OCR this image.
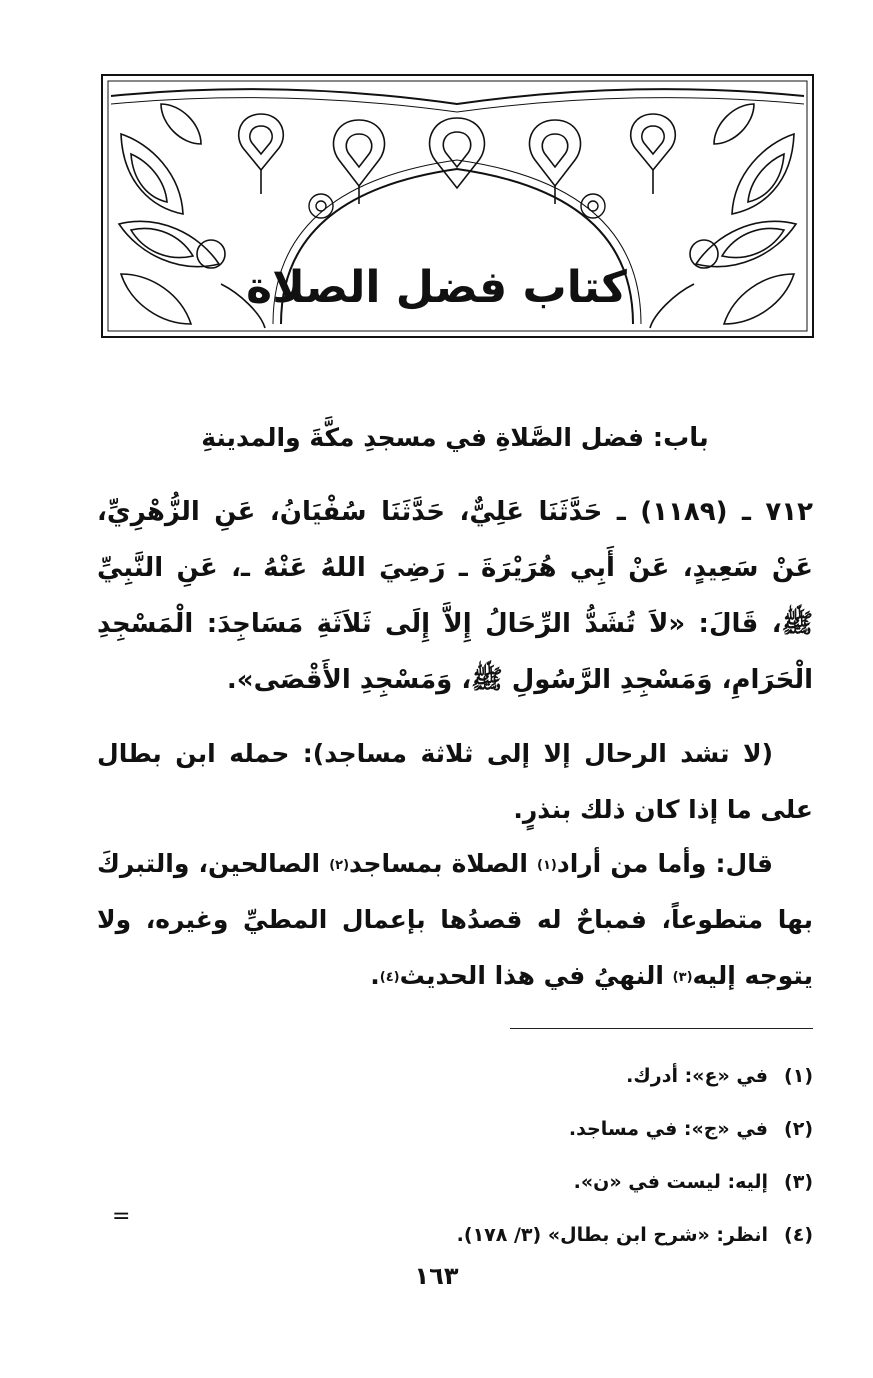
كتاب فضل الصلاة
باب: فضل الصَّلاةِ في مسجدِ مكَّةَ والمدينةِ
٧١٢ ـ (١١٨٩) ـ حَدَّثَنَا عَلِيٌّ، حَدَّثَنَا سُفْيَانُ، عَنِ الزُّهْرِيِّ، عَنْ سَعِيدٍ، عَنْ أَبِي هُرَيْرَةَ ـ رَضِيَ اللهُ عَنْهُ ـ، عَنِ النَّبِيِّ ﷺ، قَالَ: «لاَ تُشَدُّ الرِّحَالُ إِلاَّ إِلَى ثَلاَثَةِ مَسَاجِدَ: الْمَسْجِدِ الْحَرَامِ، وَمَسْجِدِ الرَّسُولِ ﷺ، وَمَسْجِدِ الأَقْصَى».

(لا تشد الرحال إلا إلى ثلاثة مساجد): حمله ابن بطال على ما إذا كان ذلك بنذرٍ.

قال: وأما من أراد$^{(١)}$ الصلاة بمساجد$^{(٢)}$ الصالحين، والتبركَ بها متطوعاً، فمباحٌ له قصدُها بإعمال المطيِّ وغيره، ولا يتوجه إليه$^{(٣)}$ النهيُ في هذا الحديث$^{(٤)}$.

(١)
في «ع»: أدرك.
(٢)
في «ج»: في مساجد.
(٣)
إليه: ليست في «ن».
(٤)
انظر: «شرح ابن بطال» (٣/ ١٧٨).
=
١٦٣
